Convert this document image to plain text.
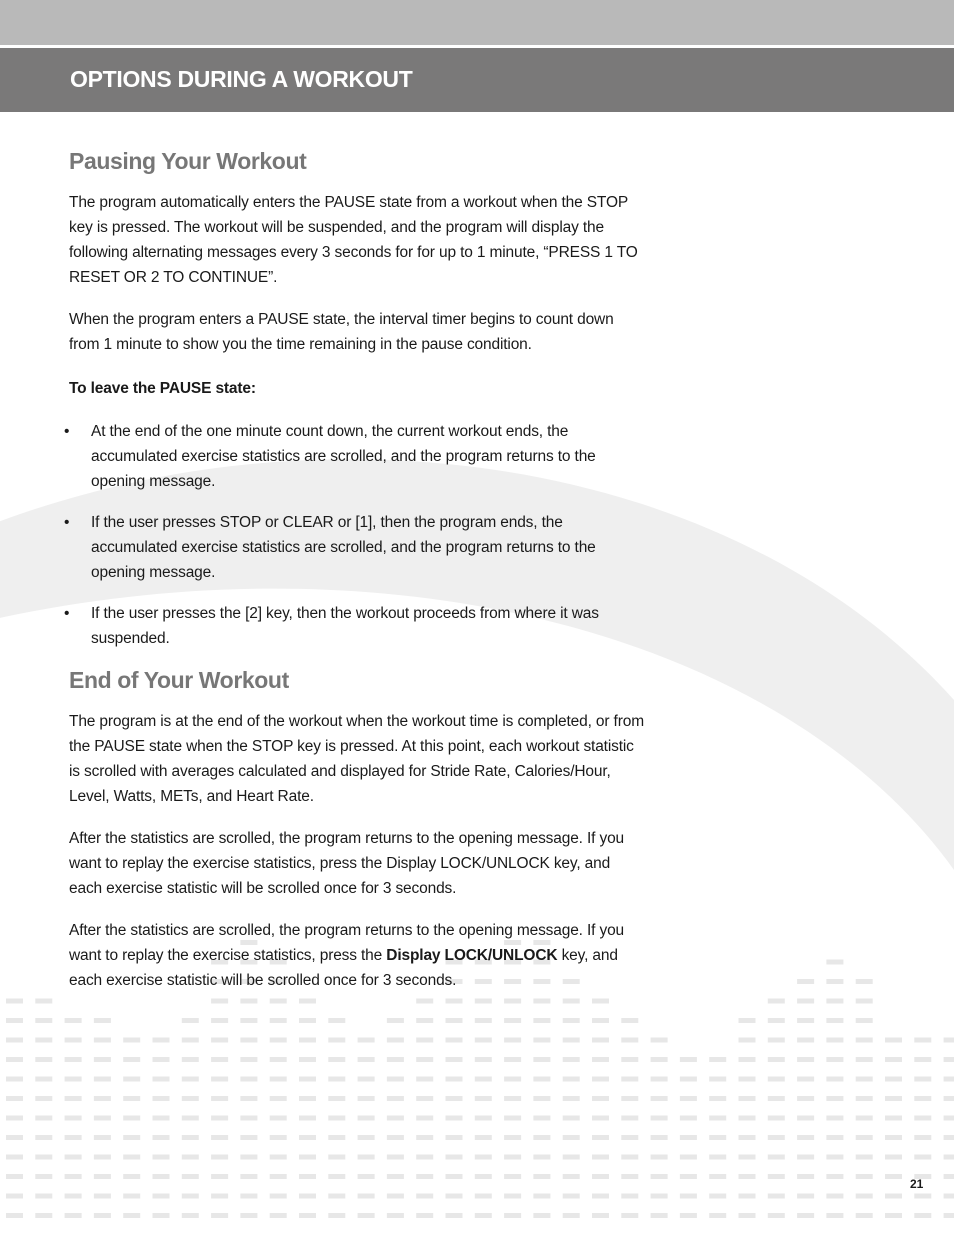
OPTIONS DURING A WORKOUT
Pausing Your Workout

The program automatically enters the PAUSE state from a workout when the STOP key is pressed. The workout will be suspended, and the program will display the following alternating messages every 3 seconds for for up to 1 minute, “PRESS 1 TO RESET OR 2 TO CONTINUE”.

When the program enters a PAUSE state, the interval timer begins to count down from 1 minute to show you the time remaining in the pause condition.

To leave the PAUSE state:

• At the end of the one minute count down, the current workout ends, the accumulated exercise statistics are scrolled, and the program returns to the opening message.
• If the user presses STOP or CLEAR or [1], then the program ends, the accumulated exercise statistics are scrolled, and the program returns to the opening message.
• If the user presses the [2] key, then the workout proceeds from where it was suspended.
End of Your Workout

The program is at the end of the workout when the workout time is completed, or from the PAUSE state when the STOP key is pressed. At this point, each workout statistic is scrolled with averages calculated and displayed for Stride Rate, Calories/Hour, Level, Watts, METs, and Heart Rate.

After the statistics are scrolled, the program returns to the opening message. If you want to replay the exercise statistics, press the Display LOCK/UNLOCK key, and each exercise statistic will be scrolled once for 3 seconds.

After the statistics are scrolled, the program returns to the opening message. If you want to replay the exercise statistics, press the Display LOCK/UNLOCK key, and each exercise statistic will be scrolled once for 3 seconds.

21
